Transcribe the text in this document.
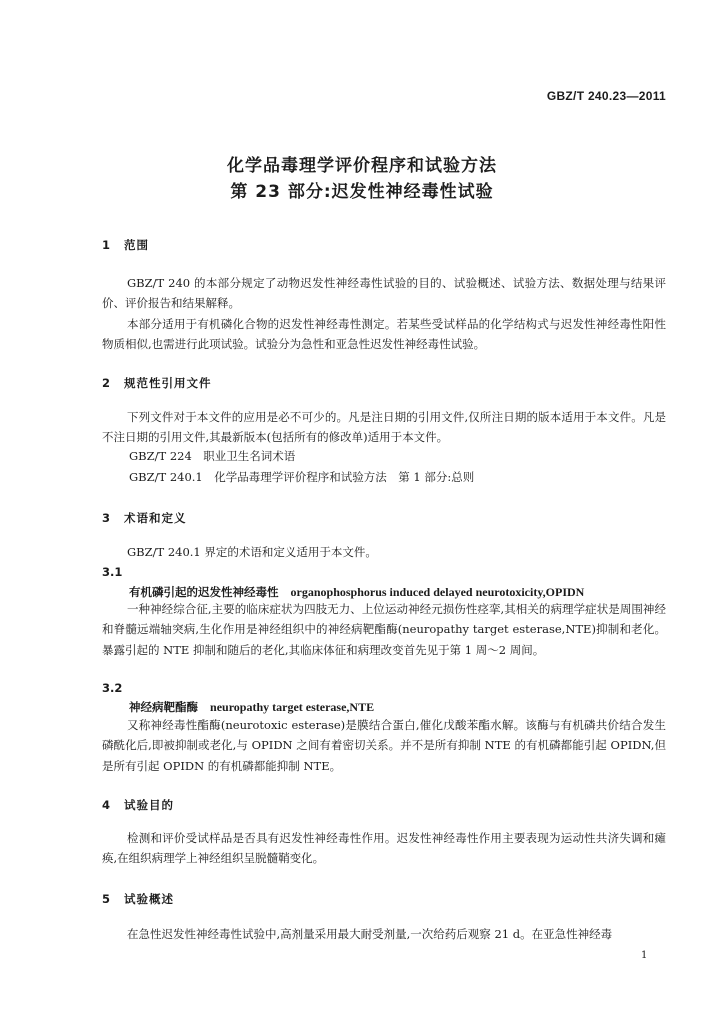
GBZ/T 240.23—2011
化学品毒理学评价程序和试验方法
第 23 部分:迟发性神经毒性试验
1 范围

GBZ/T 240 的本部分规定了动物迟发性神经毒性试验的目的、试验概述、试验方法、数据处理与结果评价、评价报告和结果解释。

本部分适用于有机磷化合物的迟发性神经毒性测定。若某些受试样品的化学结构式与迟发性神经毒性阳性物质相似,也需进行此项试验。试验分为急性和亚急性迟发性神经毒性试验。

2 规范性引用文件

下列文件对于本文件的应用是必不可少的。凡是注日期的引用文件,仅所注日期的版本适用于本文件。凡是不注日期的引用文件,其最新版本(包括所有的修改单)适用于本文件。

GBZ/T 224　职业卫生名词术语
GBZ/T 240.1　化学品毒理学评价程序和试验方法　第 1 部分:总则
3 术语和定义

GBZ/T 240.1 界定的术语和定义适用于本文件。

3.1
有机磷引起的迟发性神经毒性 organophosphorus induced delayed neurotoxicity,OPIDN

一种神经综合征,主要的临床症状为四肢无力、上位运动神经元损伤性痉挛,其相关的病理学症状是周围神经和脊髓远端轴突病,生化作用是神经组织中的神经病靶酯酶(neuropathy target esterase,NTE)抑制和老化。暴露引起的 NTE 抑制和随后的老化,其临床体征和病理改变首先见于第 1 周～2 周间。

3.2
神经病靶酯酶 neuropathy target esterase,NTE

又称神经毒性酯酶(neurotoxic esterase)是膜结合蛋白,催化戊酸苯酯水解。该酶与有机磷共价结合发生磷酰化后,即被抑制或老化,与 OPIDN 之间有着密切关系。并不是所有抑制 NTE 的有机磷都能引起 OPIDN,但是所有引起 OPIDN 的有机磷都能抑制 NTE。

4 试验目的

检测和评价受试样品是否具有迟发性神经毒性作用。迟发性神经毒性作用主要表现为运动性共济失调和瘫痪,在组织病理学上神经组织呈脱髓鞘变化。

5 试验概述

在急性迟发性神经毒性试验中,高剂量采用最大耐受剂量,一次给药后观察 21 d。在亚急性神经毒

1
